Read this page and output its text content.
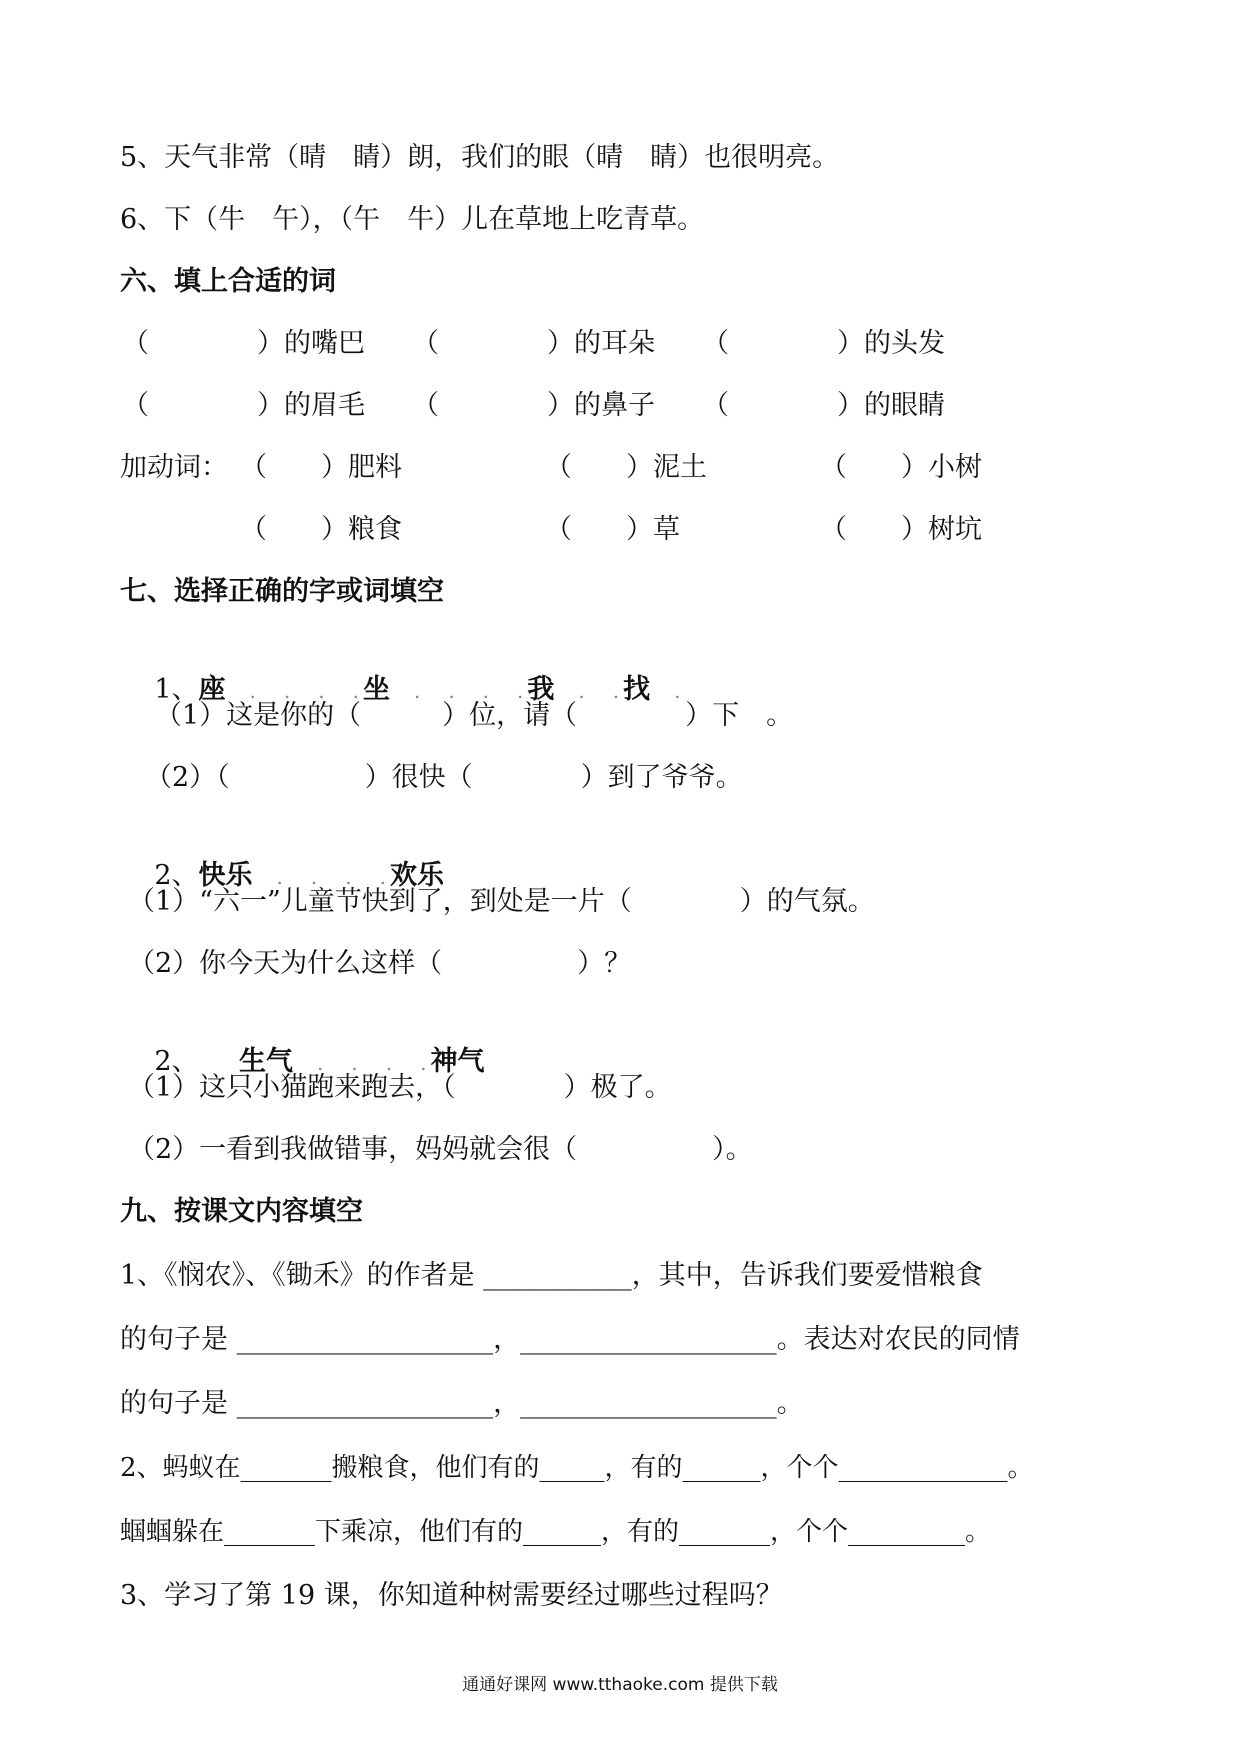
5、天气非常（晴　睛）朗，我们的眼（晴　睛）也很明亮。
6、下（牛　午），（午　牛）儿在草地上吃青草。
六、填上合适的词
（　　　　）的嘴巴 （　　　　）的耳朵 （　　　　）的头发
（　　　　）的眉毛 （　　　　）的鼻子 （　　　　）的眼睛
加动词： （　　）肥料	（　　）泥土	（　　）小树
（　　）粮食	（　　）草	（　　）树坑
七、选择正确的字或词填空

1、座　.　.　.　.坐　.　.　.　.我　.　.找　.

（1）这是你的（　　　）位，请（　　　　）下　。
（2）（　　　　　）很快（　　　　）到了爷爷。

2、快乐　.　.　.　.欢乐

（1）“六一”儿童节快到了，到处是一片（　　　　）的气氛。
（2）你今天为什么这样（　　　　　）？

2、　　 生气　.　.　.　.神气

（1）这只小猫跑来跑去，（　　　　）极了。
（2）一看到我做错事，妈妈就会很（　　　　　）。
九、按课文内容填空
1、《悯农》、《锄禾》的作者是 ___________，其中，告诉我们要爱惜粮食
的句子是 ___________________，___________________。表达对农民的同情
的句子是 ___________________，___________________。
2、蚂蚁在_______搬粮食，他们有的_____，有的______，个个_____________。
蝈蝈躲在_______下乘凉，他们有的______，有的_______，个个_________。
3、学习了第 19 课，你知道种树需要经过哪些过程吗？
通通好课网 www.tthaoke.com 提供下载
